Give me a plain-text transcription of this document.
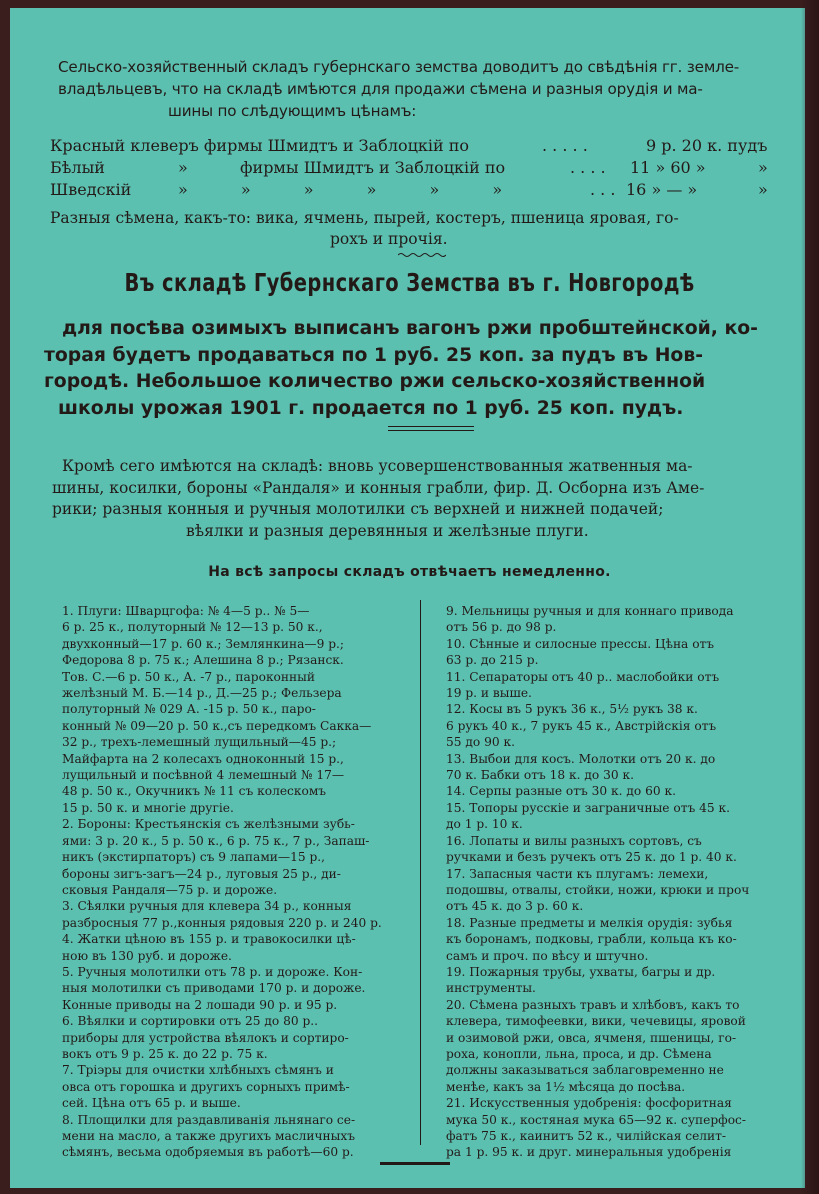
Сельско-хозяйственный складъ губернскаго земства доводитъ до свѣдѣнія гг. земле-
владѣльцевъ, что на складѣ имѣются для продажи сѣмена и разныя орудія и ма-
шины по слѣдующимъ цѣнамъ:
Красный клеверъ фирмы Шмидтъ и Заблоцкій по	. . . . .	9 р. 20 к. пудъ
Бѣлый	»	фирмы Шмидтъ и Заблоцкій по	. . . . 11 » 60 »	»
Шведскій	» » » » » »	. . . 16 » — »	»
Разныя сѣмена, какъ-то: вика, ячмень, пырей, костеръ, пшеница яровая, го-
рохъ и прочія.
Въ складѣ Губернскаго Земства въ г. Новгородѣ
для посѣва озимыхъ выписанъ вагонъ ржи пробштейнской, ко-
торая будетъ продаваться по 1 руб. 25 коп. за пудъ въ Нов-
городѣ. Небольшое количество ржи сельско-хозяйственной
школы урожая 1901 г. продается по 1 руб. 25 коп. пудъ.
Кромѣ сего имѣются на складѣ: вновь усовершенствованныя жатвенныя ма-
шины, косилки, бороны «Рандаля» и конныя грабли, фир. Д. Осборна изъ Аме-
рики; разныя конныя и ручныя молотилки съ верхней и нижней подачей;
вѣялки и разныя деревянныя и желѣзные плуги.
На всѣ запросы складъ отвѣчаетъ немедленно.
1. Плуги: Шварцгофа: № 4—5 р.. № 5—
6 р. 25 к., полуторный № 12—13 р. 50 к.,
двухконный—17 р. 60 к.; Землянкина—9 р.;
Федорова 8 р. 75 к.; Алешина 8 р.; Рязанск.
Тов. С.—6 р. 50 к., А. -7 р., пароконный
желѣзный М. Б.—14 р., Д.—25 р.; Фельзера
полуторный № 029 А. -15 р. 50 к., паро-
конный № 09—20 р. 50 к.,съ передкомъ Сакка—
32 р., трехъ-лемешный лущильный—45 р.;
Майфарта на 2 колесахъ одноконный 15 р.,
лущильный и посѣвной 4 лемешный № 17—
48 р. 50 к., Окучникъ № 11 съ колескомъ
15 р. 50 к. и многіе другіе.
2. Бороны: Крестьянскія съ желѣзными зубь-
ями: 3 р. 20 к., 5 р. 50 к., 6 р. 75 к., 7 р., Запаш-
никъ (экстирпаторъ) съ 9 лапами—15 р.,
бороны зигъ-загъ—24 р., луговыя 25 р., ди-
сковыя Рандаля—75 р. и дороже.
3. Сѣялки ручныя для клевера 34 р., конныя
разбросныя 77 р.,конныя рядовыя 220 р. и 240 р.
4. Жатки цѣною въ 155 р. и травокосилки цѣ-
ною въ 130 руб. и дороже.
5. Ручныя молотилки отъ 78 р. и дороже. Кон-
ныя молотилки съ приводами 170 р. и дороже.
Конные приводы на 2 лошади 90 р. и 95 р.
6. Вѣялки и сортировки отъ 25 до 80 р..
приборы для устройства вѣялокъ и сортиро-
вокъ отъ 9 р. 25 к. до 22 р. 75 к.
7. Тріэры для очистки хлѣбныхъ сѣмянъ и
овса отъ горошка и другихъ сорныхъ примѣ-
сей. Цѣна отъ 65 р. и выше.
8. Площилки для раздавливанія льнянаго се-
мени на масло, а также другихъ масличныхъ
сѣмянъ, весьма одобряемыя въ работѣ—60 р.
9. Мельницы ручныя и для коннаго привода
отъ 56 р. до 98 р.
10. Сѣнные и силосные прессы. Цѣна отъ
63 р. до 215 р.
11. Сепараторы отъ 40 р.. маслобойки отъ
19 р. и выше.
12. Косы въ 5 рукъ 36 к., 5½ рукъ 38 к.
6 рукъ 40 к., 7 рукъ 45 к., Австрійскія отъ
55 до 90 к.
13. Выбои для косъ. Молотки отъ 20 к. до
70 к. Бабки отъ 18 к. до 30 к.
14. Серпы разные отъ 30 к. до 60 к.
15. Топоры русскіе и заграничные отъ 45 к.
до 1 р. 10 к.
16. Лопаты и вилы разныхъ сортовъ, съ
ручками и безъ ручекъ отъ 25 к. до 1 р. 40 к.
17. Запасныя части къ плугамъ: лемехи,
подошвы, отвалы, стойки, ножи, крюки и проч
отъ 45 к. до 3 р. 60 к.
18. Разные предметы и мелкія орудія: зубья
къ боронамъ, подковы, грабли, кольца къ ко-
самъ и проч. по вѣсу и штучно.
19. Пожарныя трубы, ухваты, багры и др.
инструменты.
20. Сѣмена разныхъ травъ и хлѣбовъ, какъ то
клевера, тимофеевки, вики, чечевицы, яровой
и озимовой ржи, овса, ячменя, пшеницы, го-
роха, конопли, льна, проса, и др. Сѣмена
должны заказываться заблаговременно не
менѣе, какъ за 1½ мѣсяца до посѣва.
21. Искусственныя удобренія: фосфоритная
мука 50 к., костяная мука 65—92 к. суперфос-
фатъ 75 к., каинитъ 52 к., чилійская селит-
ра 1 р. 95 к. и друг. минеральныя удобренія
